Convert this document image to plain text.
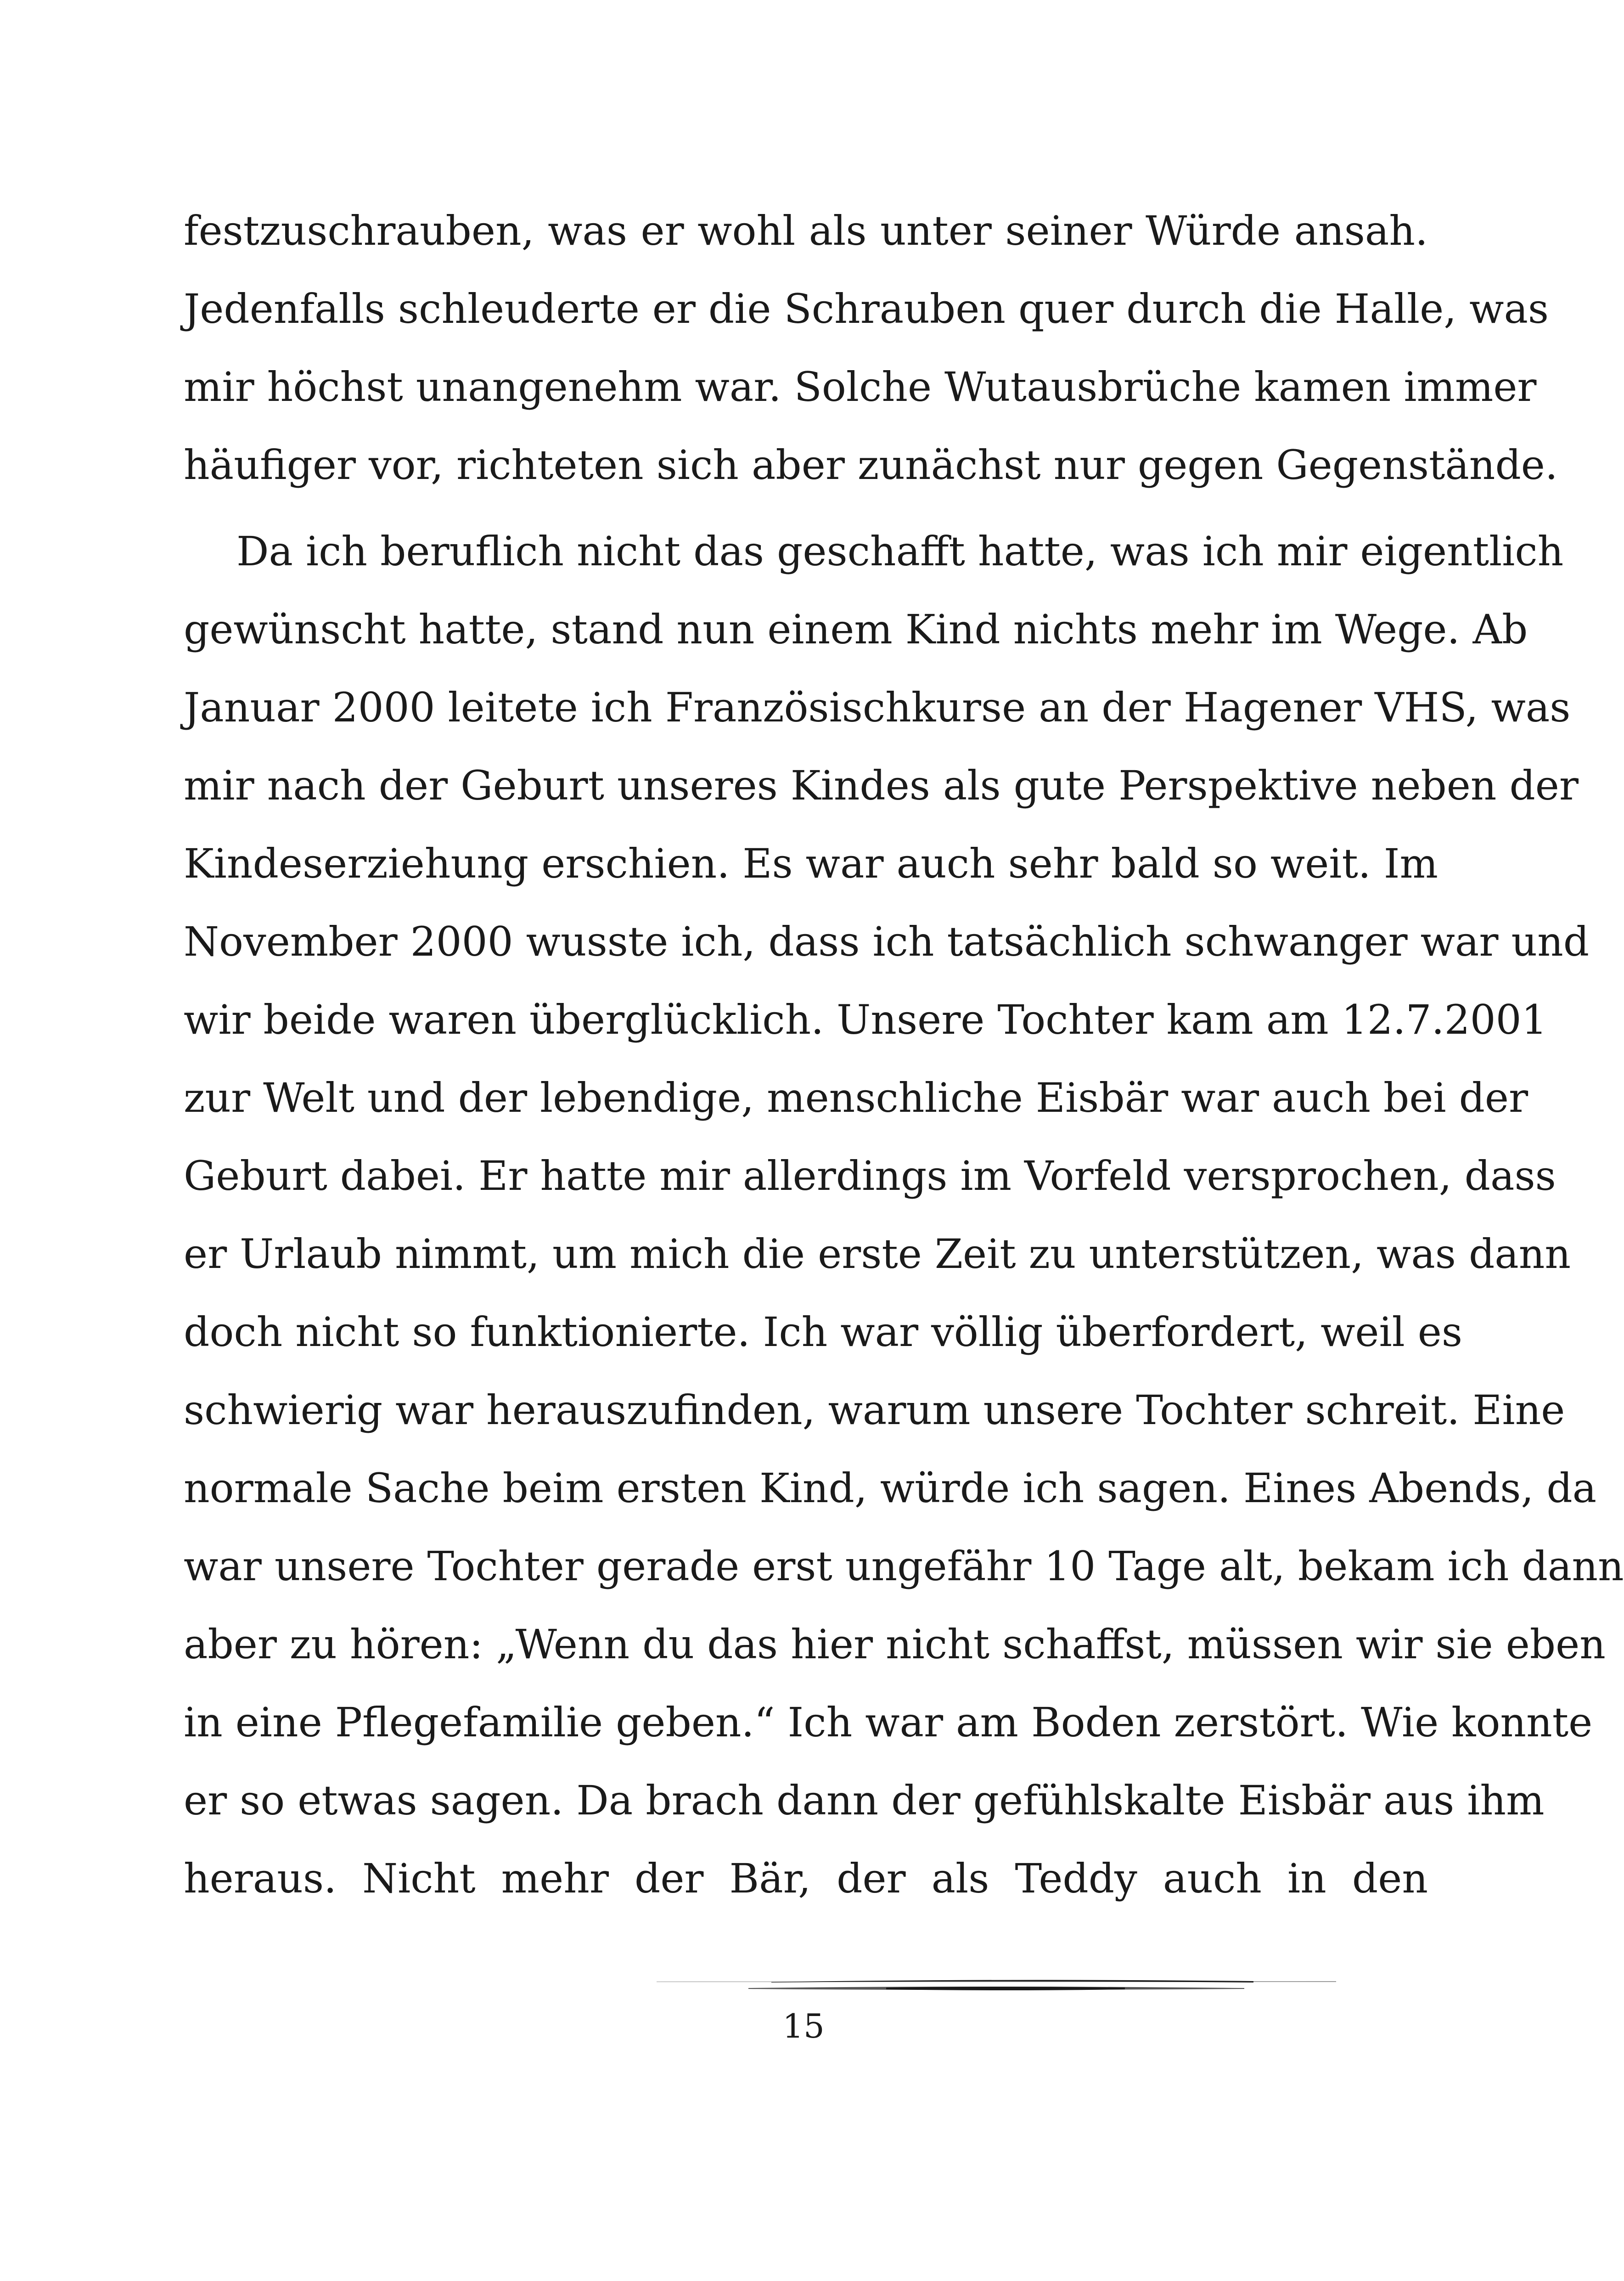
festzuschrauben, was er wohl als unter seiner Würde ansah.
Jedenfalls schleuderte er die Schrauben quer durch die Halle, was
mir höchst unangenehm war. Solche Wutausbrüche kamen immer
häufiger vor, richteten sich aber zunächst nur gegen Gegenstände.
Da ich beruflich nicht das geschafft hatte, was ich mir eigentlich
gewünscht hatte, stand nun einem Kind nichts mehr im Wege. Ab
Januar 2000 leitete ich Französischkurse an der Hagener VHS, was
mir nach der Geburt unseres Kindes als gute Perspektive neben der
Kindeserziehung erschien. Es war auch sehr bald so weit. Im
November 2000 wusste ich, dass ich tatsächlich schwanger war und
wir beide waren überglücklich. Unsere Tochter kam am 12.7.2001
zur Welt und der lebendige, menschliche Eisbär war auch bei der
Geburt dabei. Er hatte mir allerdings im Vorfeld versprochen, dass
er Urlaub nimmt, um mich die erste Zeit zu unterstützen, was dann
doch nicht so funktionierte. Ich war völlig überfordert, weil es
schwierig war herauszufinden, warum unsere Tochter schreit. Eine
normale Sache beim ersten Kind, würde ich sagen. Eines Abends, da
war unsere Tochter gerade erst ungefähr 10 Tage alt, bekam ich dann
aber zu hören: „Wenn du das hier nicht schaffst, müssen wir sie eben
in eine Pflegefamilie geben.“ Ich war am Boden zerstört. Wie konnte
er so etwas sagen. Da brach dann der gefühlskalte Eisbär aus ihm
heraus. Nicht mehr der Bär, der als Teddy auch in den
15
